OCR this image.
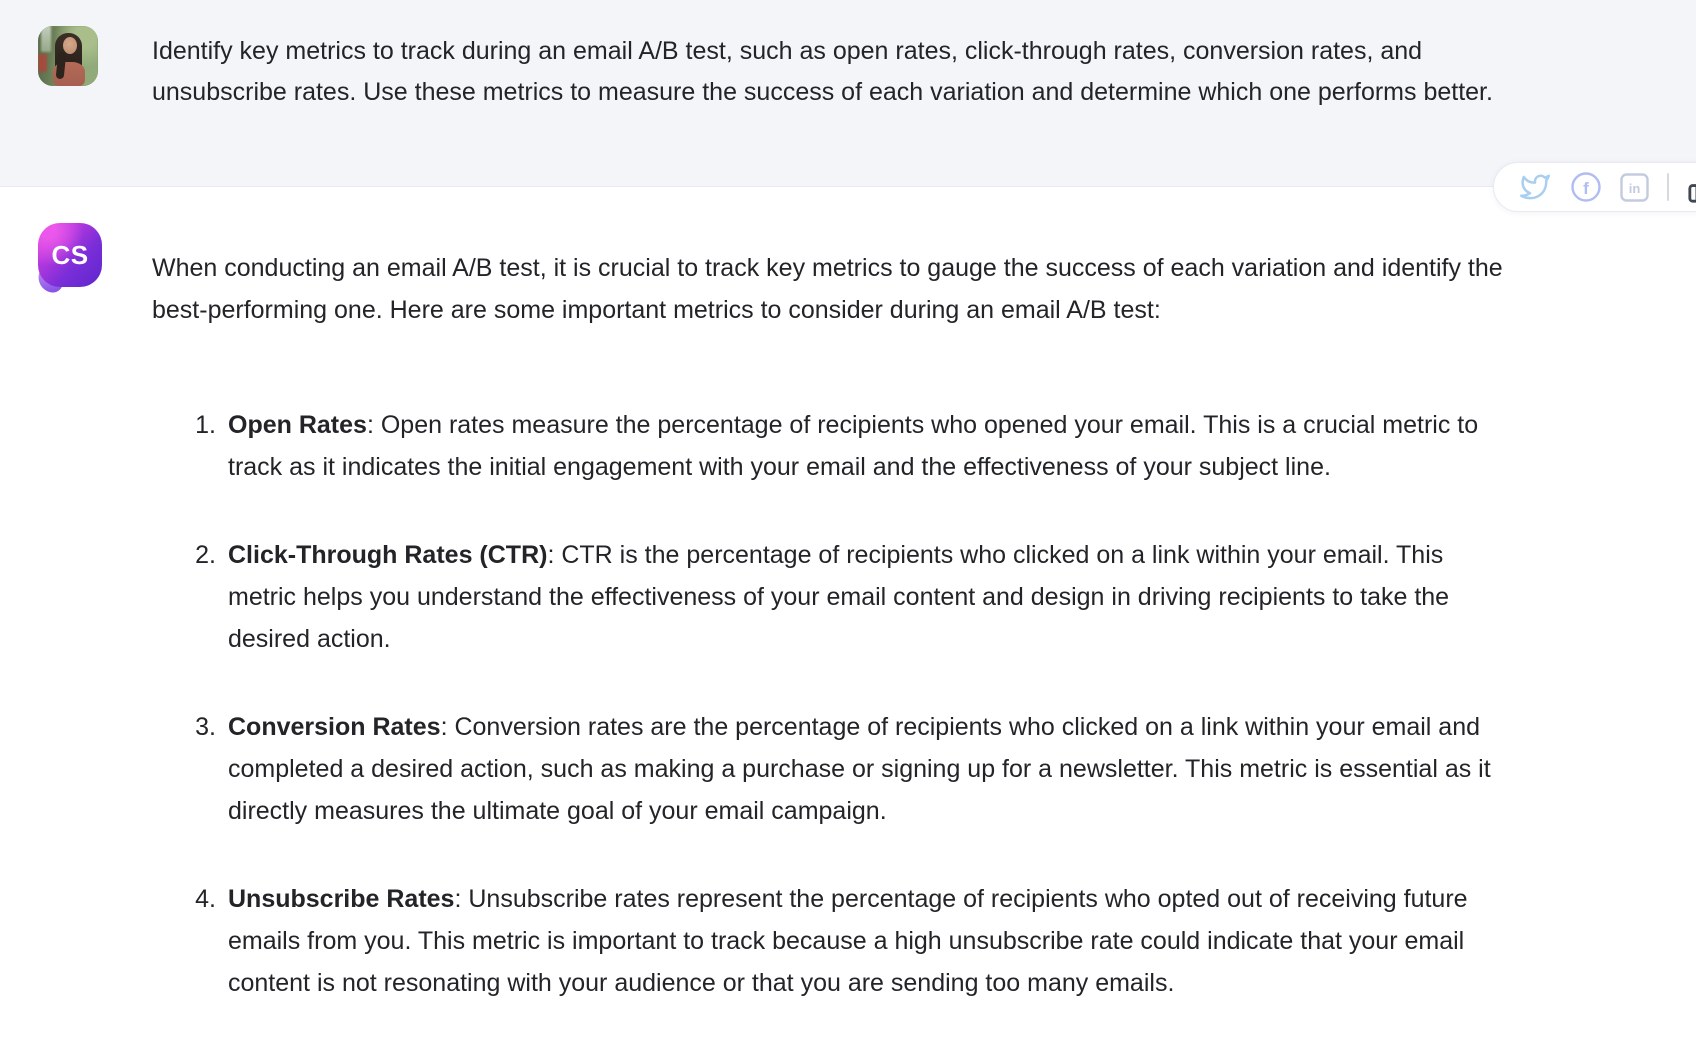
Identify key metrics to track during an email A/B test, such as open rates, click-through rates, conversion rates, and unsubscribe rates. Use these metrics to measure the success of each variation and determine which one performs better.
f	in
CS	When conducting an email A/B test, it is crucial to track key metrics to gauge the success of each variation and identify the best-performing one. Here are some important metrics to consider during an email A/B test:
1. Open Rates: Open rates measure the percentage of recipients who opened your email. This is a crucial metric to track as it indicates the initial engagement with your email and the effectiveness of your subject line.
2. Click-Through Rates (CTR): CTR is the percentage of recipients who clicked on a link within your email. This metric helps you understand the effectiveness of your email content and design in driving recipients to take the desired action.
3. Conversion Rates: Conversion rates are the percentage of recipients who clicked on a link within your email and completed a desired action, such as making a purchase or signing up for a newsletter. This metric is essential as it directly measures the ultimate goal of your email campaign.
4. Unsubscribe Rates: Unsubscribe rates represent the percentage of recipients who opted out of receiving future emails from you. This metric is important to track because a high unsubscribe rate could indicate that your email content is not resonating with your audience or that you are sending too many emails.
